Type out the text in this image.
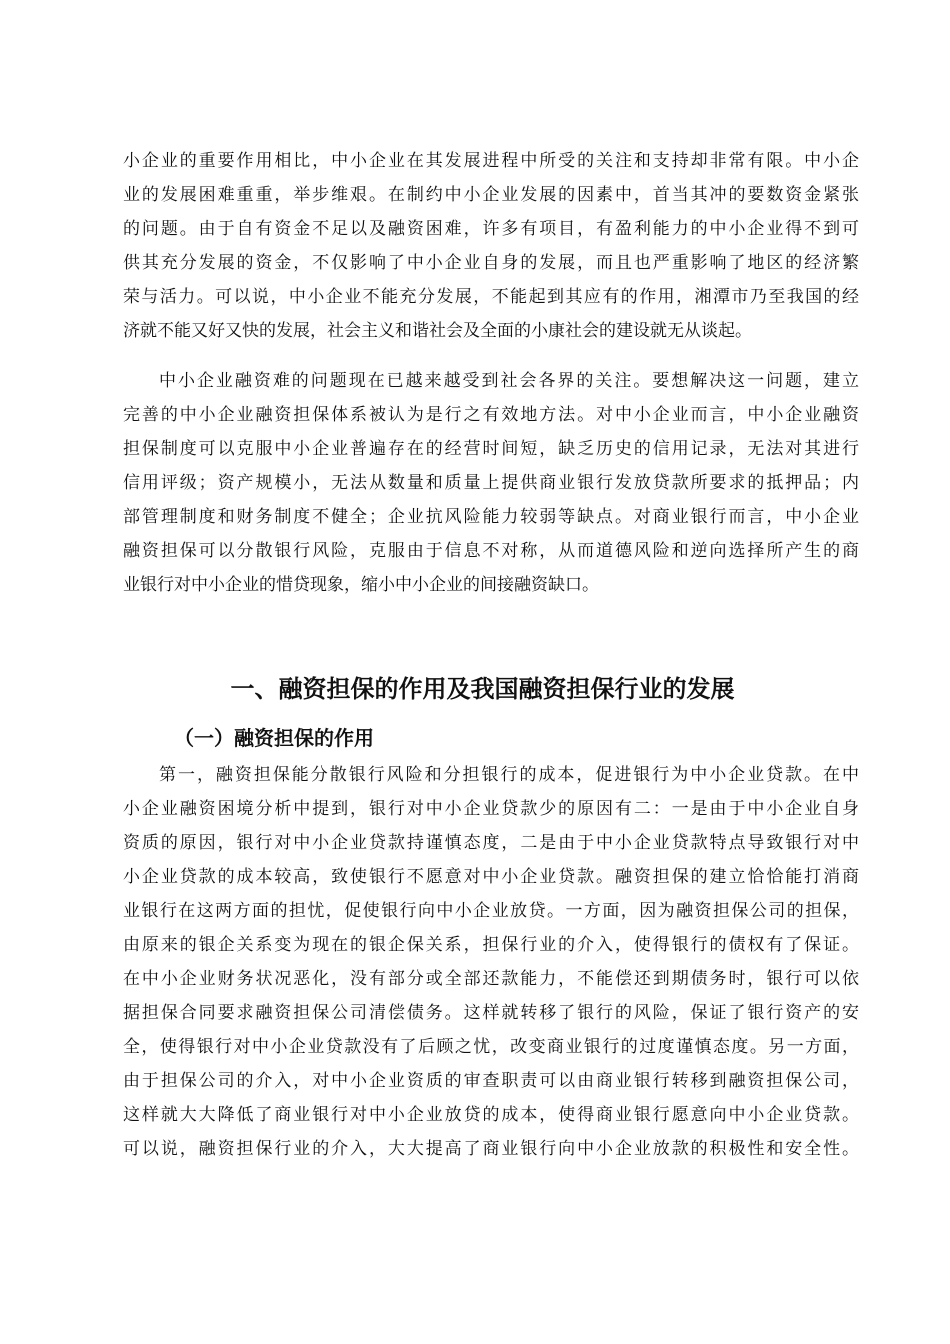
小企业的重要作用相比，中小企业在其发展进程中所受的关注和支持却非常有限。中小企
业的发展困难重重，举步维艰。在制约中小企业发展的因素中，首当其冲的要数资金紧张
的问题。由于自有资金不足以及融资困难，许多有项目，有盈利能力的中小企业得不到可
供其充分发展的资金，不仅影响了中小企业自身的发展，而且也严重影响了地区的经济繁
荣与活力。可以说，中小企业不能充分发展，不能起到其应有的作用，湘潭市乃至我国的经
济就不能又好又快的发展，社会主义和谐社会及全面的小康社会的建设就无从谈起。
中小企业融资难的问题现在已越来越受到社会各界的关注。要想解决这一问题，建立
完善的中小企业融资担保体系被认为是行之有效地方法。对中小企业而言，中小企业融资
担保制度可以克服中小企业普遍存在的经营时间短，缺乏历史的信用记录，无法对其进行
信用评级；资产规模小，无法从数量和质量上提供商业银行发放贷款所要求的抵押品；内
部管理制度和财务制度不健全；企业抗风险能力较弱等缺点。对商业银行而言，中小企业
融资担保可以分散银行风险，克服由于信息不对称，从而道德风险和逆向选择所产生的商
业银行对中小企业的惜贷现象，缩小中小企业的间接融资缺口。
一、融资担保的作用及我国融资担保行业的发展
（一）融资担保的作用
第一，融资担保能分散银行风险和分担银行的成本，促进银行为中小企业贷款。在中
小企业融资困境分析中提到，银行对中小企业贷款少的原因有二：一是由于中小企业自身
资质的原因，银行对中小企业贷款持谨慎态度，二是由于中小企业贷款特点导致银行对中
小企业贷款的成本较高，致使银行不愿意对中小企业贷款。融资担保的建立恰恰能打消商
业银行在这两方面的担忧，促使银行向中小企业放贷。一方面，因为融资担保公司的担保，
由原来的银企关系变为现在的银企保关系，担保行业的介入，使得银行的债权有了保证。
在中小企业财务状况恶化，没有部分或全部还款能力，不能偿还到期债务时，银行可以依
据担保合同要求融资担保公司清偿债务。这样就转移了银行的风险，保证了银行资产的安
全，使得银行对中小企业贷款没有了后顾之忧，改变商业银行的过度谨慎态度。另一方面，
由于担保公司的介入，对中小企业资质的审查职责可以由商业银行转移到融资担保公司，
这样就大大降低了商业银行对中小企业放贷的成本，使得商业银行愿意向中小企业贷款。
可以说，融资担保行业的介入，大大提高了商业银行向中小企业放款的积极性和安全性。
